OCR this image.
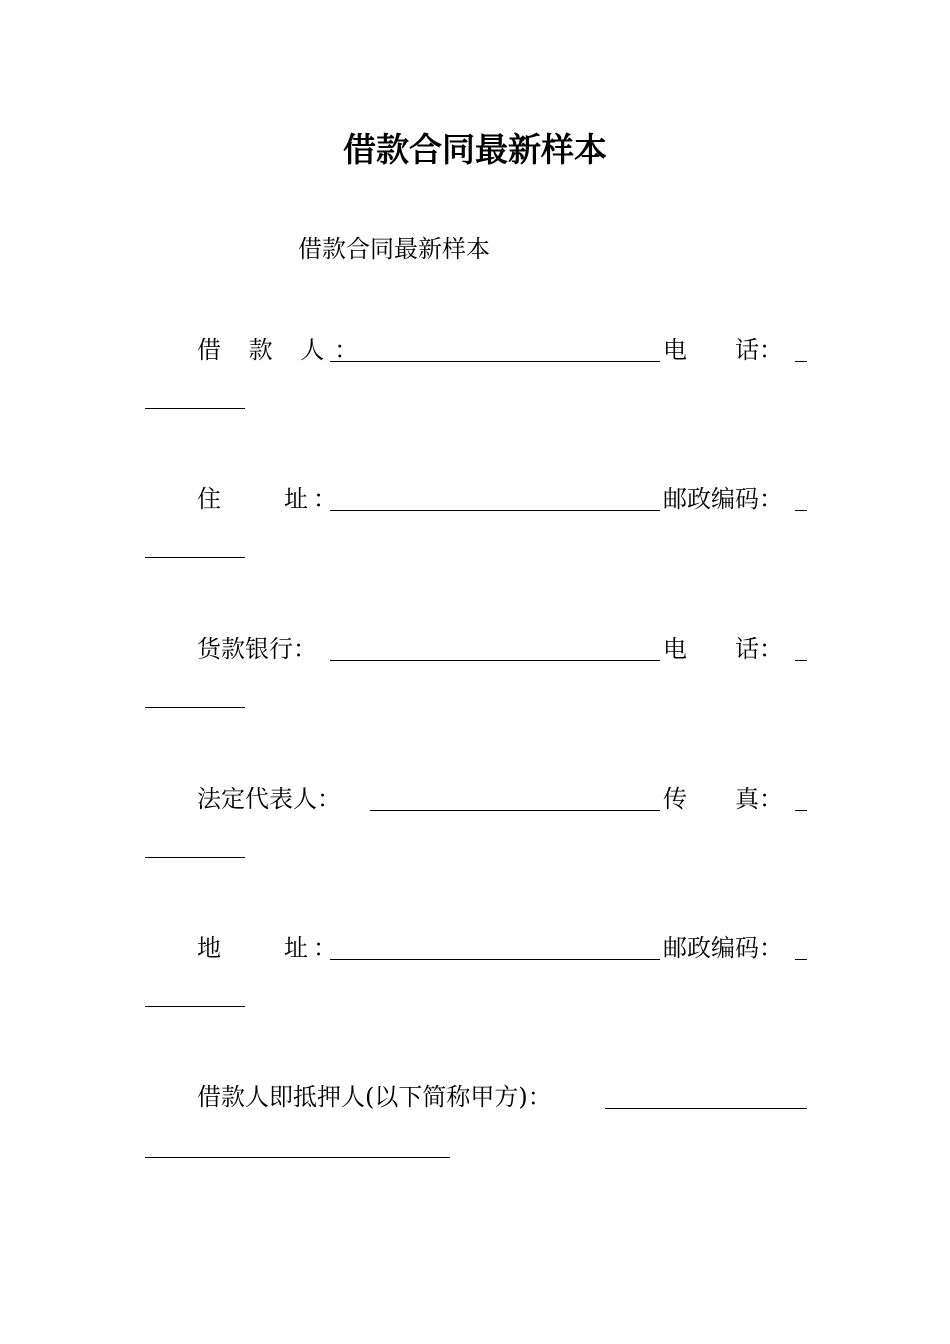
借款合同最新样本
借款合同最新样本
借 款 人：	电　　话：
住　　址：	邮政编码：
货款银行：	电　　话：
法定代表人：	传　　真：
地　　址：	邮政编码：
借款人即抵押人(以下简称甲方)：
